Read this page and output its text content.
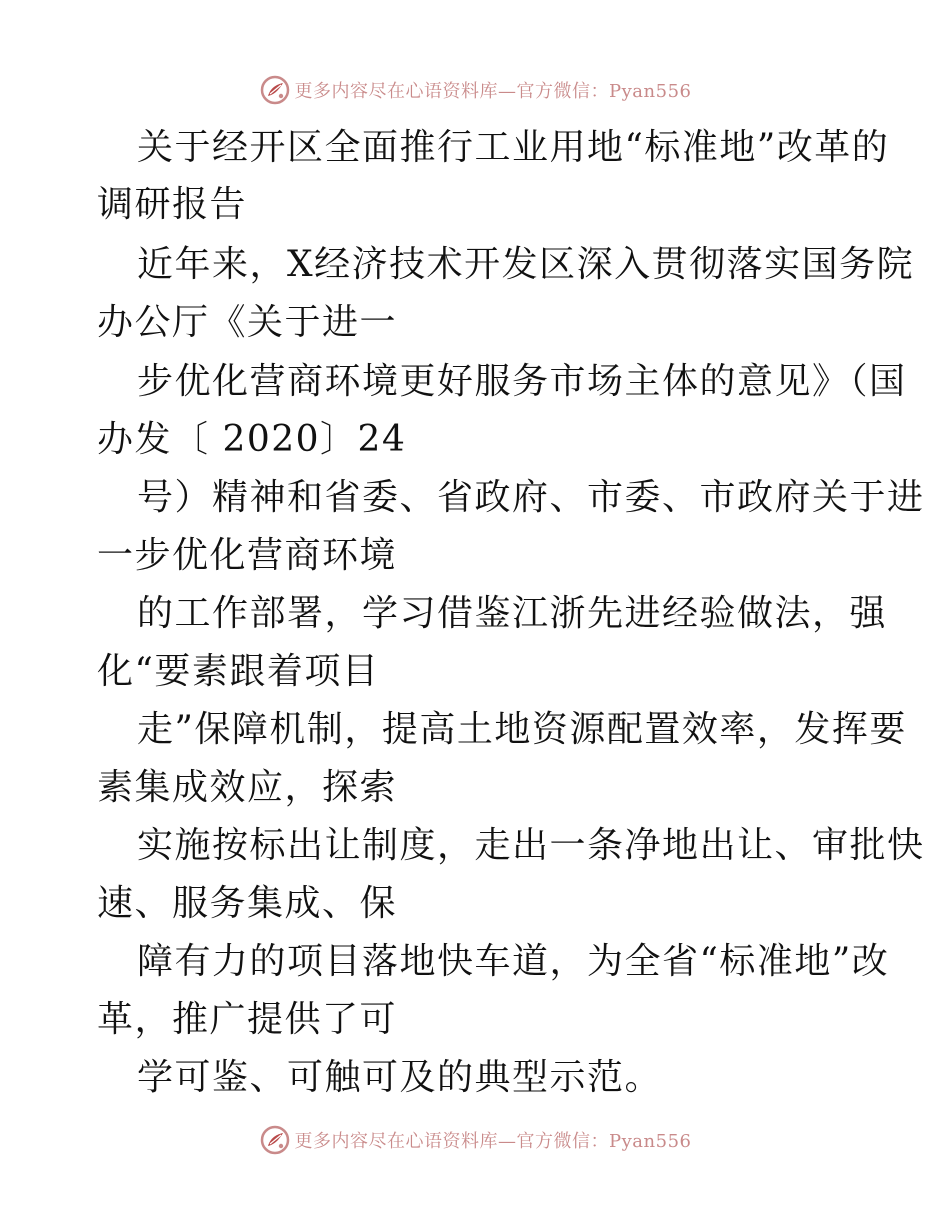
更多内容尽在心语资料库—官方微信：Pyan556
关于经开区全面推行工业用地“标准地”改革的
调研报告
近年来，X经济技术开发区深入贯彻落实国务院
办公厅《关于进一
步优化营商环境更好服务市场主体的意见》（国
办发〔 2020〕24
号）精神和省委、省政府、市委、市政府关于进
一步优化营商环境
的工作部署，学习借鉴江浙先进经验做法，强
化“要素跟着项目
走”保障机制，提高土地资源配置效率，发挥要
素集成效应，探索
实施按标出让制度，走出一条净地出让、审批快
速、服务集成、保
障有力的项目落地快车道，为全省“标准地”改
革，推广提供了可
学可鉴、可触可及的典型示范。
更多内容尽在心语资料库—官方微信：Pyan556
